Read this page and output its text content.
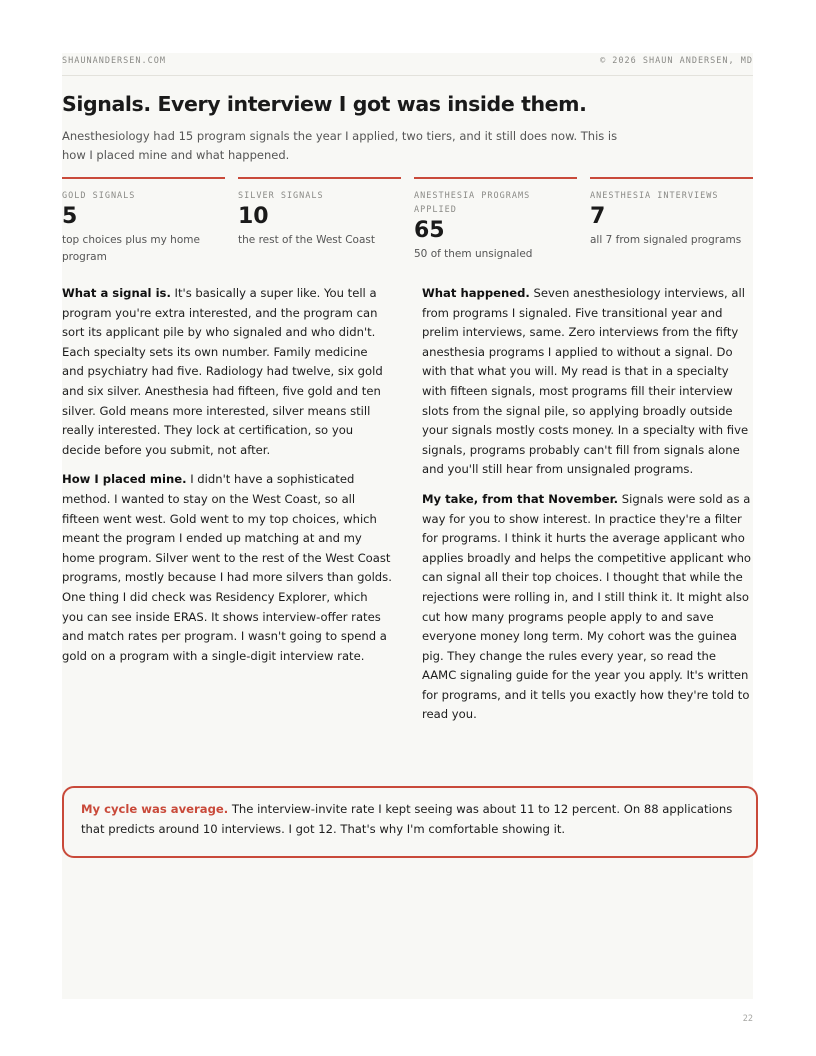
SHAUNANDERSEN.COM	© 2026 SHAUN ANDERSEN, MD
Signals. Every interview I got was inside them.

Anesthesiology had 15 program signals the year I applied, two tiers, and it still does now. This is how I placed mine and what happened.

GOLD SIGNALS
5
top choices plus my home program
SILVER SIGNALS
10
the rest of the West Coast
ANESTHESIA PROGRAMS APPLIED
65
50 of them unsignaled
ANESTHESIA INTERVIEWS
7
all 7 from signaled programs

What a signal is. It's basically a super like. You tell a program you're extra interested, and the program can sort its applicant pile by who signaled and who didn't. Each specialty sets its own number. Family medicine and psychiatry had five. Radiology had twelve, six gold and six silver. Anesthesia had fifteen, five gold and ten silver. Gold means more interested, silver means still really interested. They lock at certification, so you decide before you submit, not after.

How I placed mine. I didn't have a sophisticated method. I wanted to stay on the West Coast, so all fifteen went west. Gold went to my top choices, which meant the program I ended up matching at and my home program. Silver went to the rest of the West Coast programs, mostly because I had more silvers than golds. One thing I did check was Residency Explorer, which you can see inside ERAS. It shows interview-offer rates and match rates per program. I wasn't going to spend a gold on a program with a single-digit interview rate.

What happened. Seven anesthesiology interviews, all from programs I signaled. Five transitional year and prelim interviews, same. Zero interviews from the fifty anesthesia programs I applied to without a signal. Do with that what you will. My read is that in a specialty with fifteen signals, most programs fill their interview slots from the signal pile, so applying broadly outside your signals mostly costs money. In a specialty with five signals, programs probably can't fill from signals alone and you'll still hear from unsignaled programs.

My take, from that November. Signals were sold as a way for you to show interest. In practice they're a filter for programs. I think it hurts the average applicant who applies broadly and helps the competitive applicant who can signal all their top choices. I thought that while the rejections were rolling in, and I still think it. It might also cut how many programs people apply to and save everyone money long term. My cohort was the guinea pig. They change the rules every year, so read the AAMC signaling guide for the year you apply. It's written for programs, and it tells you exactly how they're told to read you.

My cycle was average. The interview-invite rate I kept seeing was about 11 to 12 percent. On 88 applications that predicts around 10 interviews. I got 12. That's why I'm comfortable showing it.
22
